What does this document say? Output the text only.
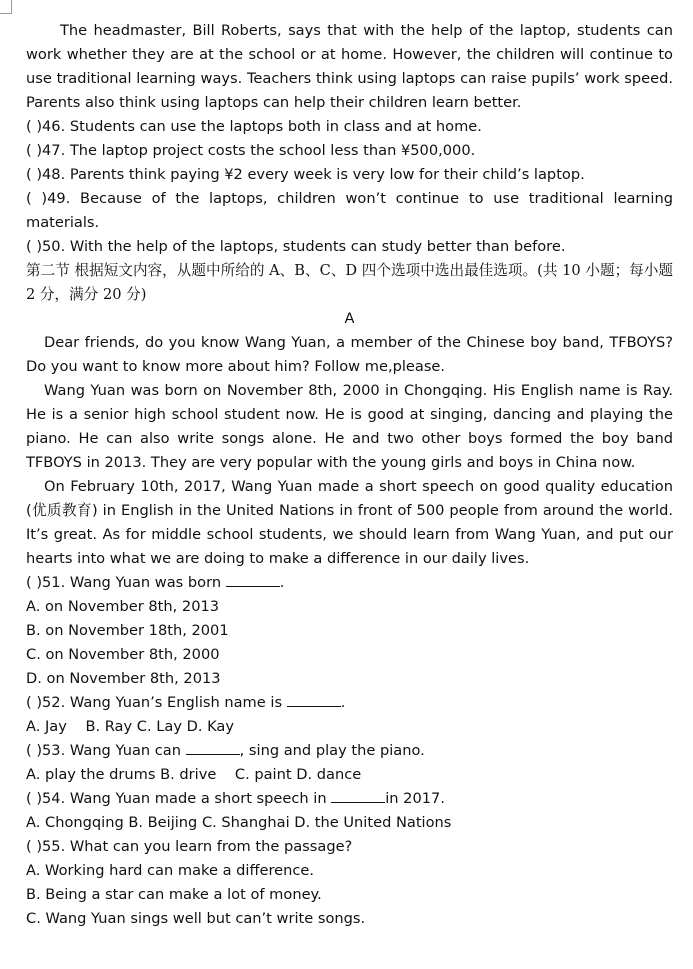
The headmaster, Bill Roberts, says that with the help of the laptop, students can work whether they are at the school or at home. However, the children will continue to use traditional learning ways. Teachers think using laptops can raise pupils’ work speed. Parents also think using laptops can help their children learn better.
( )46. Students can use the laptops both in class and at home.
( )47. The laptop project costs the school less than ¥500,000.
( )48. Parents think paying ¥2 every week is very low for their child’s laptop.
( )49. Because of the laptops, children won’t continue to use traditional learning materials.
( )50. With the help of the laptops, students can study better than before.
第二节 根据短文内容，从题中所给的 A、B、C、D 四个选项中选出最佳选项。(共 10 小题；每小题 2 分，满分 20 分)
A
Dear friends, do you know Wang Yuan, a member of the Chinese boy band, TFBOYS? Do you want to know more about him? Follow me,please.
Wang Yuan was born on November 8th, 2000 in Chongqing. His English name is Ray. He is a senior high school student now. He is good at singing, dancing and playing the piano. He can also write songs alone. He and two other boys formed the boy band TFBOYS in 2013. They are very popular with the young girls and boys in China now.
On February 10th, 2017, Wang Yuan made a short speech on good quality education (优质教育) in English in the United Nations in front of 500 people from around the world. It’s great. As for middle school students, we should learn from Wang Yuan, and put our hearts into what we are doing to make a difference in our daily lives.
( )51. Wang Yuan was born	.
A. on November 8th, 2013
B. on November 18th, 2001
C. on November 8th, 2000
D. on November 8th, 2013
( )52. Wang Yuan’s English name is	.
A. Jay    B. Ray C. Lay D. Kay
( )53. Wang Yuan can	, sing and play the piano.
A. play the drums B. drive    C. paint D. dance
( )54. Wang Yuan made a short speech in	in 2017.
A. Chongqing B. Beijing C. Shanghai D. the United Nations
( )55. What can you learn from the passage?
A. Working hard can make a difference.
B. Being a star can make a lot of money.
C. Wang Yuan sings well but can’t write songs.
